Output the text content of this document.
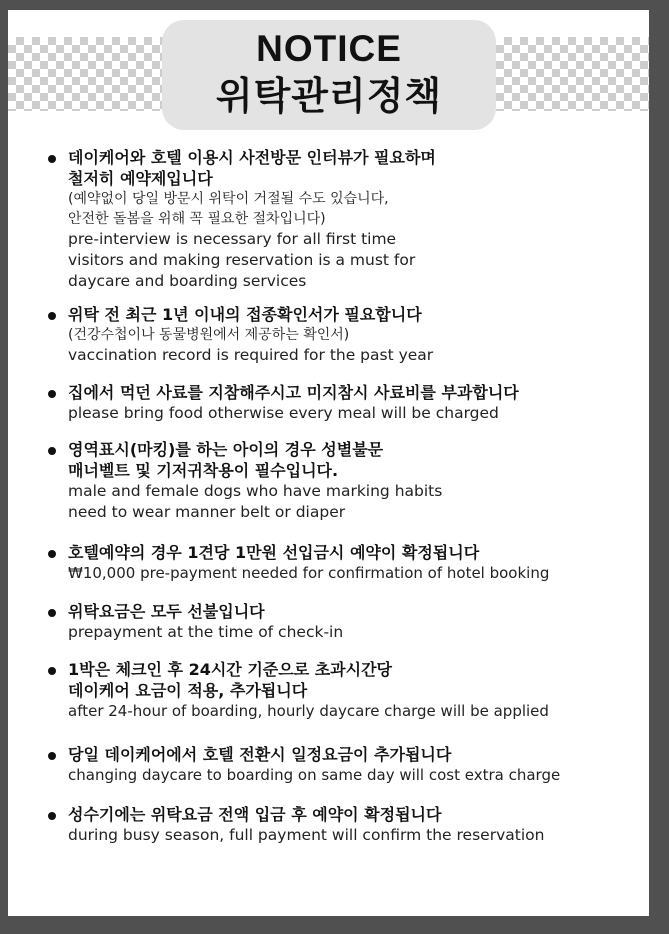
NOTICE
위탁관리정책
데이케어와 호텔 이용시 사전방문 인터뷰가 필요하며
철저히 예약제입니다
(예약없이 당일 방문시 위탁이 거절될 수도 있습니다,
안전한 돌봄을 위해 꼭 필요한 절차입니다)
pre-interview is necessary for all first time
visitors and making reservation is a must for
daycare and boarding services
위탁 전 최근 1년 이내의 접종확인서가 필요합니다
(건강수첩이나 동물병원에서 제공하는 확인서)
vaccination record is required for the past year
집에서 먹던 사료를 지참해주시고 미지참시 사료비를 부과합니다
please bring food otherwise every meal will be charged
영역표시(마킹)를 하는 아이의 경우 성별불문
매너벨트 및 기저귀착용이 필수입니다.
male and female dogs who have marking habits
need to wear manner belt or diaper
호텔예약의 경우 1견당 1만원 선입금시 예약이 확정됩니다
₩10,000 pre-payment needed for confirmation of hotel booking
위탁요금은 모두 선불입니다
prepayment at the time of check-in
1박은 체크인 후 24시간 기준으로 초과시간당
데이케어 요금이 적용, 추가됩니다
after 24-hour of boarding, hourly daycare charge will be applied
당일 데이케어에서 호텔 전환시 일정요금이 추가됩니다
changing daycare to boarding on same day will cost extra charge
성수기에는 위탁요금 전액 입금 후 예약이 확정됩니다
during busy season, full payment will confirm the reservation
